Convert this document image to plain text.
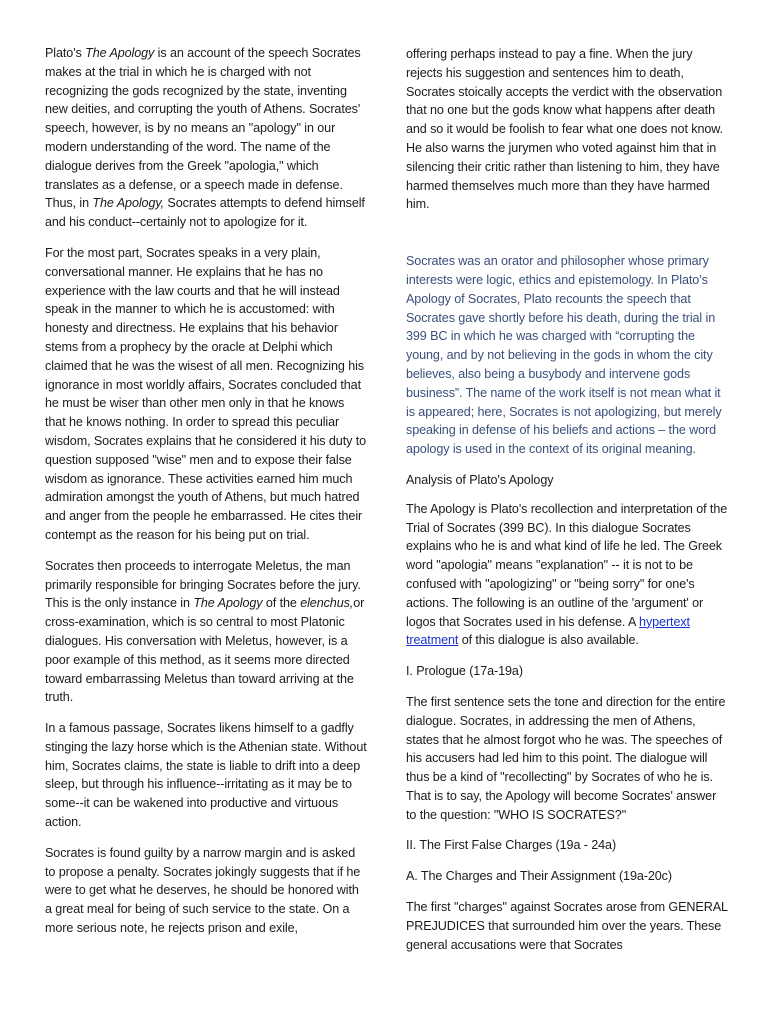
Plato's The Apology is an account of the speech Socrates makes at the trial in which he is charged with not recognizing the gods recognized by the state, inventing new deities, and corrupting the youth of Athens. Socrates' speech, however, is by no means an "apology" in our modern understanding of the word. The name of the dialogue derives from the Greek "apologia," which translates as a defense, or a speech made in defense. Thus, in The Apology, Socrates attempts to defend himself and his conduct--certainly not to apologize for it.

For the most part, Socrates speaks in a very plain, conversational manner. He explains that he has no experience with the law courts and that he will instead speak in the manner to which he is accustomed: with honesty and directness. He explains that his behavior stems from a prophecy by the oracle at Delphi which claimed that he was the wisest of all men. Recognizing his ignorance in most worldly affairs, Socrates concluded that he must be wiser than other men only in that he knows that he knows nothing. In order to spread this peculiar wisdom, Socrates explains that he considered it his duty to question supposed "wise" men and to expose their false wisdom as ignorance. These activities earned him much admiration amongst the youth of Athens, but much hatred and anger from the people he embarrassed. He cites their contempt as the reason for his being put on trial.

Socrates then proceeds to interrogate Meletus, the man primarily responsible for bringing Socrates before the jury. This is the only instance in The Apology of the elenchus,or cross-examination, which is so central to most Platonic dialogues. His conversation with Meletus, however, is a poor example of this method, as it seems more directed toward embarrassing Meletus than toward arriving at the truth.

In a famous passage, Socrates likens himself to a gadfly stinging the lazy horse which is the Athenian state. Without him, Socrates claims, the state is liable to drift into a deep sleep, but through his influence--irritating as it may be to some--it can be wakened into productive and virtuous action.

Socrates is found guilty by a narrow margin and is asked to propose a penalty. Socrates jokingly suggests that if he were to get what he deserves, he should be honored with a great meal for being of such service to the state. On a more serious note, he rejects prison and exile,

offering perhaps instead to pay a fine. When the jury rejects his suggestion and sentences him to death, Socrates stoically accepts the verdict with the observation that no one but the gods know what happens after death and so it would be foolish to fear what one does not know. He also warns the jurymen who voted against him that in silencing their critic rather than listening to him, they have harmed themselves much more than they have harmed him.

Socrates was an orator and philosopher whose primary interests were logic, ethics and epistemology. In Plato’s Apology of Socrates, Plato recounts the speech that Socrates gave shortly before his death, during the trial in 399 BC in which he was charged with “corrupting the young, and by not believing in the gods in whom the city believes, also being a busybody and intervene gods business”. The name of the work itself is not mean what it is appeared; here, Socrates is not apologizing, but merely speaking in defense of his beliefs and actions – the word apology is used in the context of its original meaning.

Analysis of Plato's Apology

The Apology is Plato's recollection and interpretation of the Trial of Socrates (399 BC). In this dialogue Socrates explains who he is and what kind of life he led. The Greek word "apologia" means "explanation" -- it is not to be confused with "apologizing" or "being sorry" for one's actions. The following is an outline of the 'argument' or logos that Socrates used in his defense. A hypertext treatment of this dialogue is also available.

I. Prologue (17a-19a)

The first sentence sets the tone and direction for the entire dialogue. Socrates, in addressing the men of Athens, states that he almost forgot who he was. The speeches of his accusers had led him to this point. The dialogue will thus be a kind of "recollecting" by Socrates of who he is. That is to say, the Apology will become Socrates' answer to the question: "WHO IS SOCRATES?"

II. The First False Charges (19a - 24a)

A. The Charges and Their Assignment (19a-20c)

The first "charges" against Socrates arose from GENERAL PREJUDICES that surrounded him over the years. These general accusations were that Socrates
